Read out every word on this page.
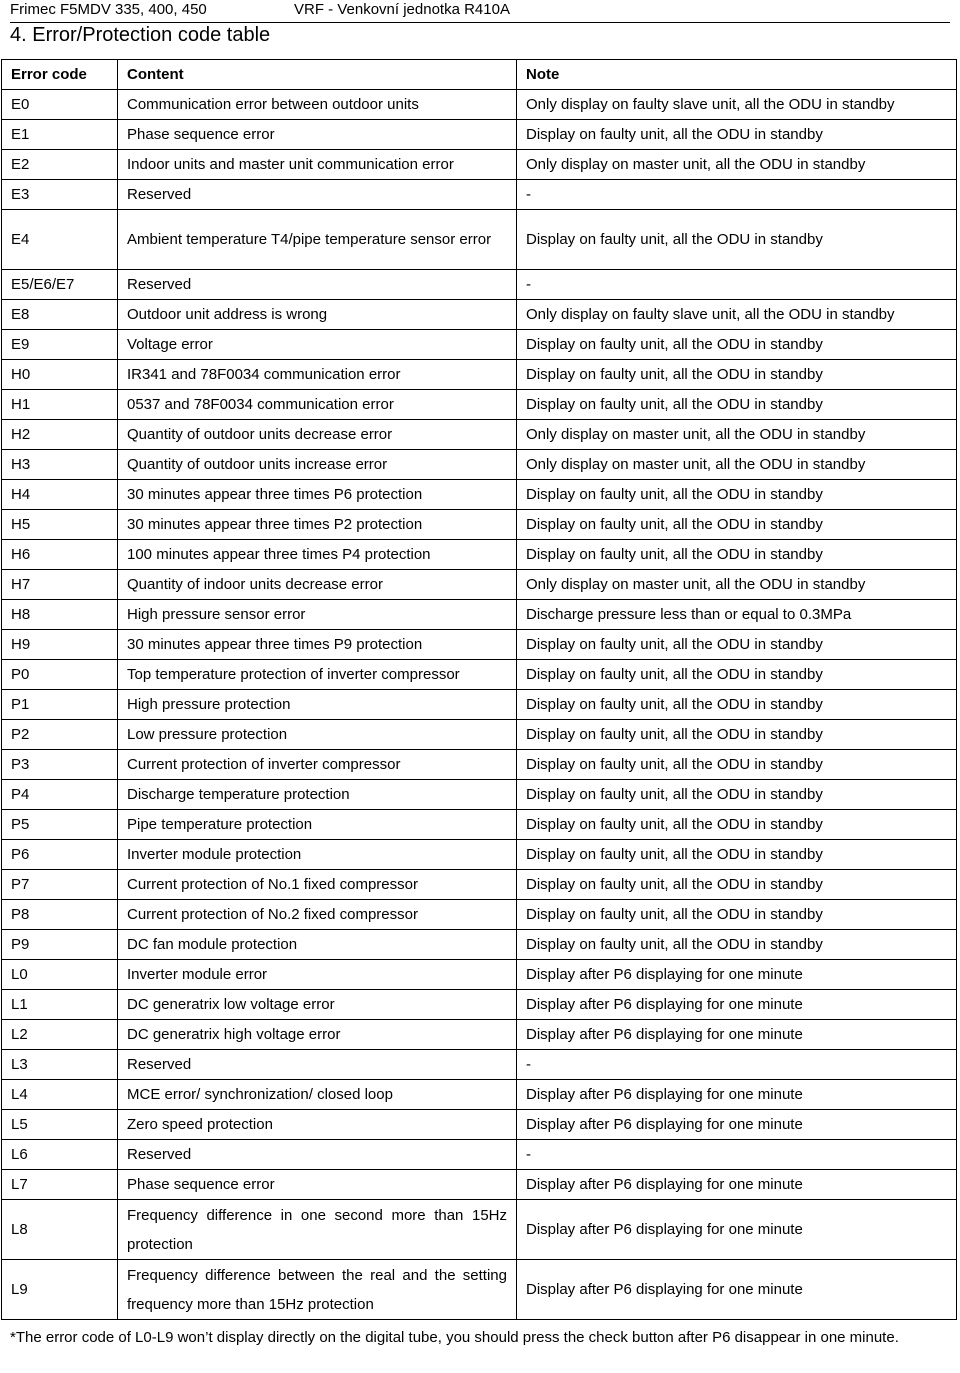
Frimec F5MDV 335, 400, 450	VRF - Venkovní jednotka R410A
4. Error/Protection code table
Error code	Content	Note
E0	Communication error between outdoor units	Only display on faulty slave unit, all the ODU in standby
E1	Phase sequence error	Display on faulty unit, all the ODU in standby
E2	Indoor units and master unit communication error	Only display on master unit, all the ODU in standby
E3	Reserved	-
E4	Ambient temperature T4/pipe temperature sensor error	Display on faulty unit, all the ODU in standby
E5/E6/E7	Reserved	-
E8	Outdoor unit address is wrong	Only display on faulty slave unit, all the ODU in standby
E9	Voltage error	Display on faulty unit, all the ODU in standby
H0	IR341 and 78F0034 communication error	Display on faulty unit, all the ODU in standby
H1	0537 and 78F0034 communication error	Display on faulty unit, all the ODU in standby
H2	Quantity of outdoor units decrease error	Only display on master unit, all the ODU in standby
H3	Quantity of outdoor units increase error	Only display on master unit, all the ODU in standby
H4	30 minutes appear three times P6 protection	Display on faulty unit, all the ODU in standby
H5	30 minutes appear three times P2 protection	Display on faulty unit, all the ODU in standby
H6	100 minutes appear three times P4 protection	Display on faulty unit, all the ODU in standby
H7	Quantity of indoor units decrease error	Only display on master unit, all the ODU in standby
H8	High pressure sensor error	Discharge pressure less than or equal to 0.3MPa
H9	30 minutes appear three times P9 protection	Display on faulty unit, all the ODU in standby
P0	Top temperature protection of inverter compressor	Display on faulty unit, all the ODU in standby
P1	High pressure protection	Display on faulty unit, all the ODU in standby
P2	Low pressure protection	Display on faulty unit, all the ODU in standby
P3	Current protection of inverter compressor	Display on faulty unit, all the ODU in standby
P4	Discharge temperature protection	Display on faulty unit, all the ODU in standby
P5	Pipe temperature protection	Display on faulty unit, all the ODU in standby
P6	Inverter module protection	Display on faulty unit, all the ODU in standby
P7	Current protection of No.1 fixed compressor	Display on faulty unit, all the ODU in standby
P8	Current protection of No.2 fixed compressor	Display on faulty unit, all the ODU in standby
P9	DC fan module protection	Display on faulty unit, all the ODU in standby
L0	Inverter module error	Display after P6 displaying for one minute
L1	DC generatrix low voltage error	Display after P6 displaying for one minute
L2	DC generatrix high voltage error	Display after P6 displaying for one minute
L3	Reserved	-
L4	MCE error/ synchronization/ closed loop	Display after P6 displaying for one minute
L5	Zero speed protection	Display after P6 displaying for one minute
L6	Reserved	-
L7	Phase sequence error	Display after P6 displaying for one minute
L8	Frequency difference in one second more than 15Hz protection	Display after P6 displaying for one minute
L9	Frequency difference between the real and the setting frequency more than 15Hz protection	Display after P6 displaying for one minute
*The error code of L0-L9 won’t display directly on the digital tube, you should press the check button after P6 disappear in one minute.
